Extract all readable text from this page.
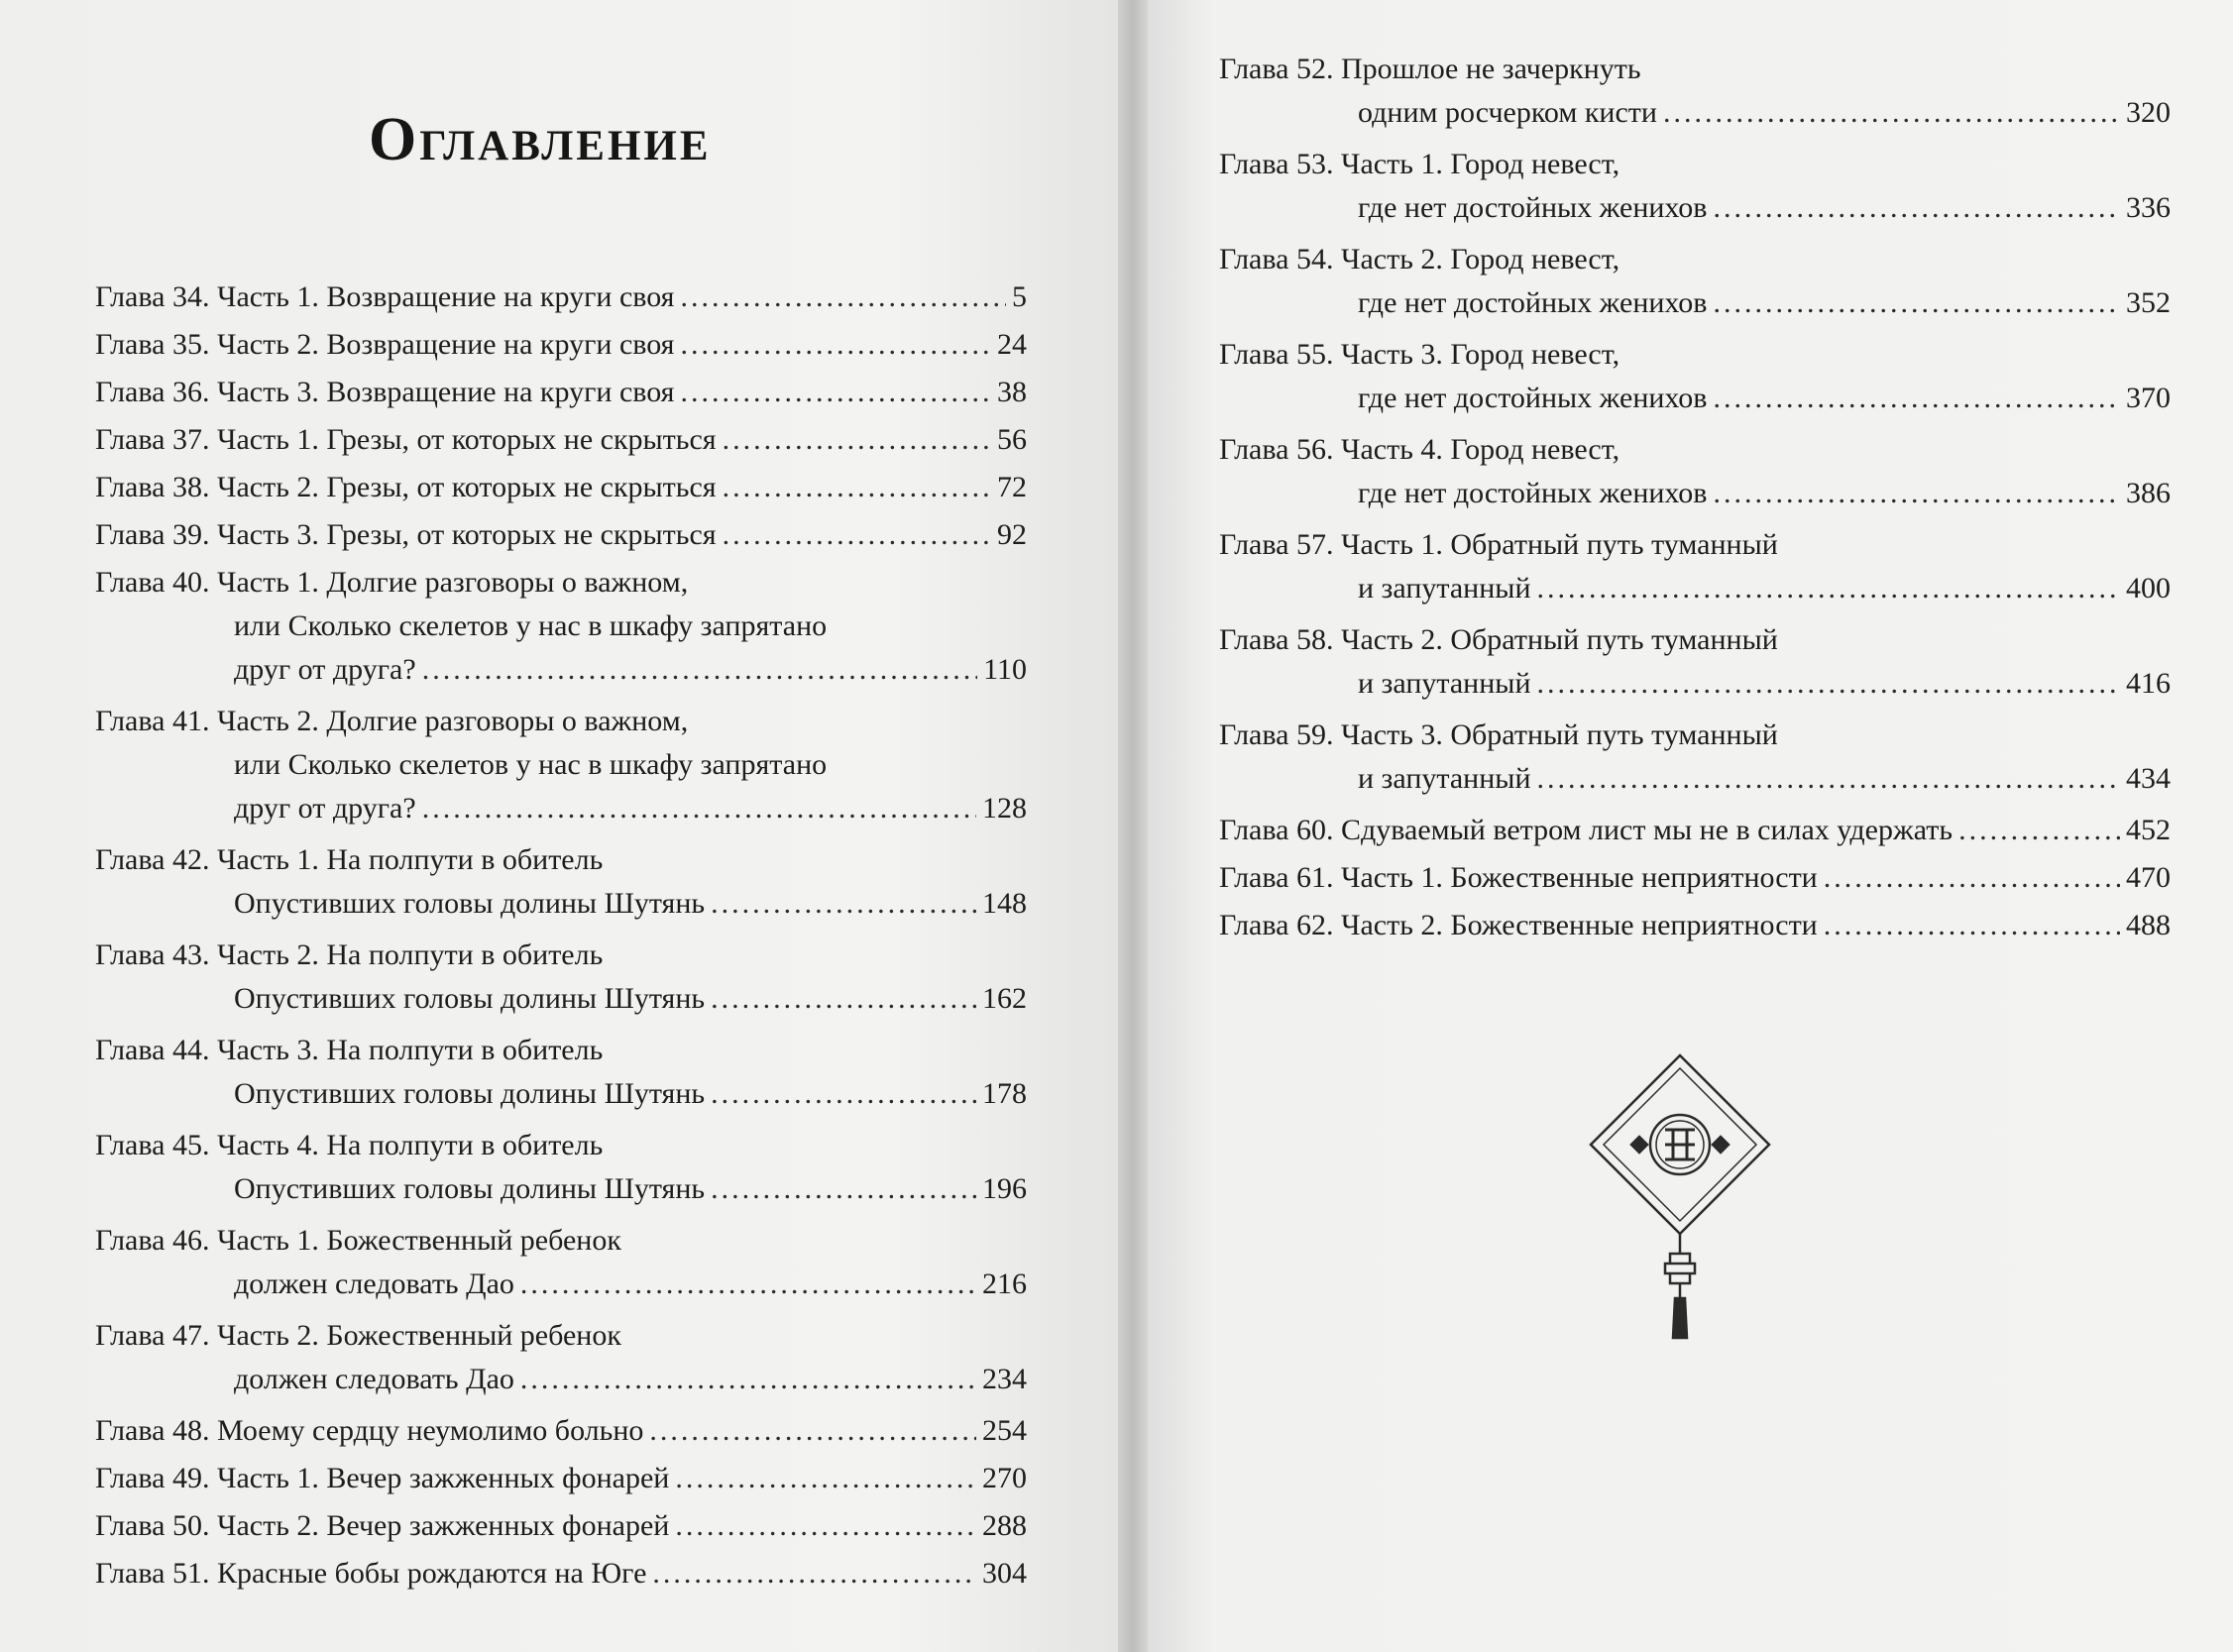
Оглавление
Глава 34. Часть 1. Возвращение на круги своя .....	5
Глава 35. Часть 2. Возвращение на круги своя .....	24
Глава 36. Часть 3. Возвращение на круги своя .....	38
Глава 37. Часть 1. Грезы, от которых не скрыться .....	56
Глава 38. Часть 2. Грезы, от которых не скрыться .....	72
Глава 39. Часть 3. Грезы, от которых не скрыться .....	92
Глава 40. Часть 1. Долгие разговоры о важном,
или Сколько скелетов у нас в шкафу запрятано
друг от друга? .....	110
Глава 41. Часть 2. Долгие разговоры о важном,
или Сколько скелетов у нас в шкафу запрятано
друг от друга? .....	128
Глава 42. Часть 1. На полпути в обитель
Опустивших головы долины Шутянь .....	148
Глава 43. Часть 2. На полпути в обитель
Опустивших головы долины Шутянь .....	162
Глава 44. Часть 3. На полпути в обитель
Опустивших головы долины Шутянь .....	178
Глава 45. Часть 4. На полпути в обитель
Опустивших головы долины Шутянь .....	196
Глава 46. Часть 1. Божественный ребенок
должен следовать Дао .....	216
Глава 47. Часть 2. Божественный ребенок
должен следовать Дао .....	234
Глава 48. Моему сердцу неумолимо больно .....	254
Глава 49. Часть 1. Вечер зажженных фонарей .....	270
Глава 50. Часть 2. Вечер зажженных фонарей .....	288
Глава 51. Красные бобы рождаются на Юге .....	304
Глава 52. Прошлое не зачеркнуть
одним росчерком кисти .....	320
Глава 53. Часть 1. Город невест,
где нет достойных женихов .....	336
Глава 54. Часть 2. Город невест,
где нет достойных женихов .....	352
Глава 55. Часть 3. Город невест,
где нет достойных женихов .....	370
Глава 56. Часть 4. Город невест,
где нет достойных женихов .....	386
Глава 57. Часть 1. Обратный путь туманный
и запутанный .....	400
Глава 58. Часть 2. Обратный путь туманный
и запутанный .....	416
Глава 59. Часть 3. Обратный путь туманный
и запутанный .....	434
Глава 60. Сдуваемый ветром лист мы не в силах удержать .....	452
Глава 61. Часть 1. Божественные неприятности .....	470
Глава 62. Часть 2. Божественные неприятности .....	488
